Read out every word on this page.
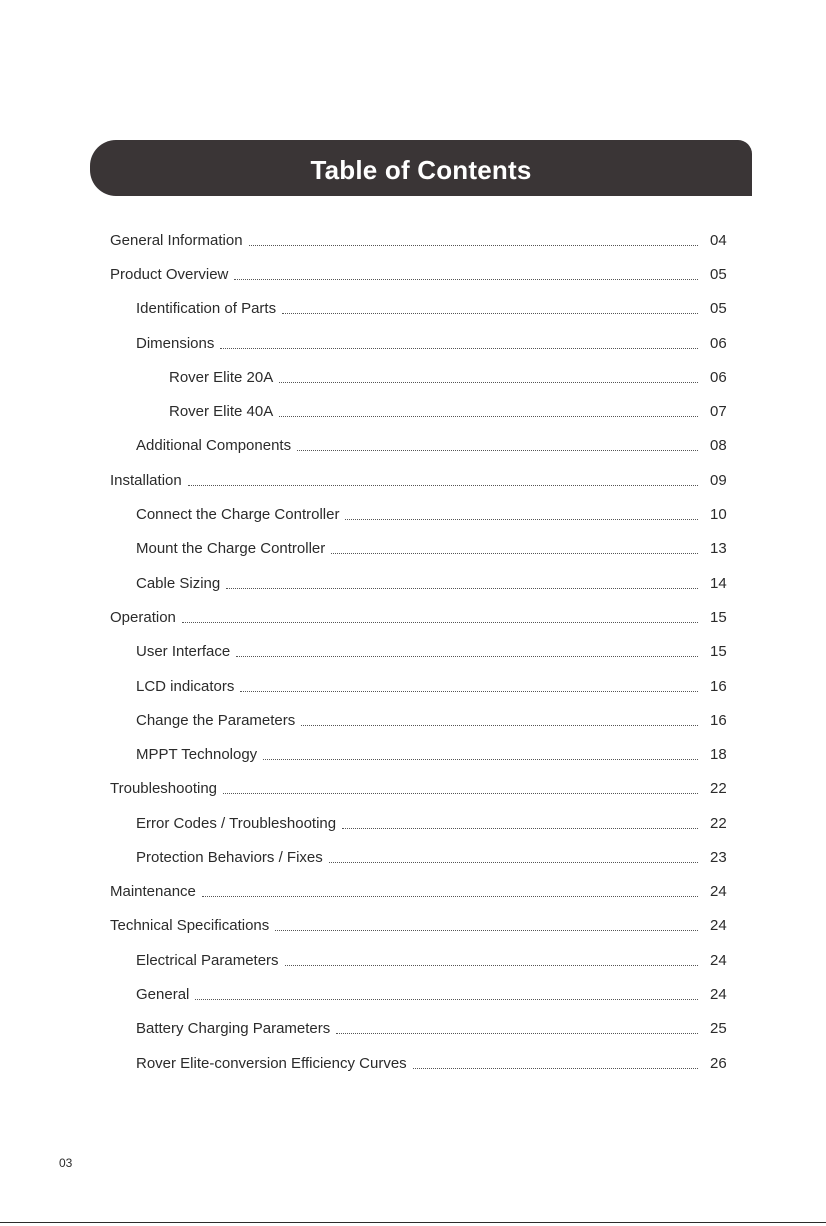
Table of Contents
General Information	04
Product Overview	05
Identification of Parts	05
Dimensions	06
Rover Elite 20A	06
Rover Elite 40A	07
Additional Components	08
Installation	09
Connect the Charge Controller	10
Mount the Charge Controller	13
Cable Sizing	14
Operation	15
User Interface	15
LCD indicators	16
Change the Parameters	16
MPPT Technology	18
Troubleshooting	22
Error Codes / Troubleshooting	22
Protection Behaviors / Fixes	23
Maintenance	24
Technical Specifications	24
Electrical Parameters	24
General	24
Battery Charging Parameters	25
Rover Elite-conversion Efficiency Curves	26
03
